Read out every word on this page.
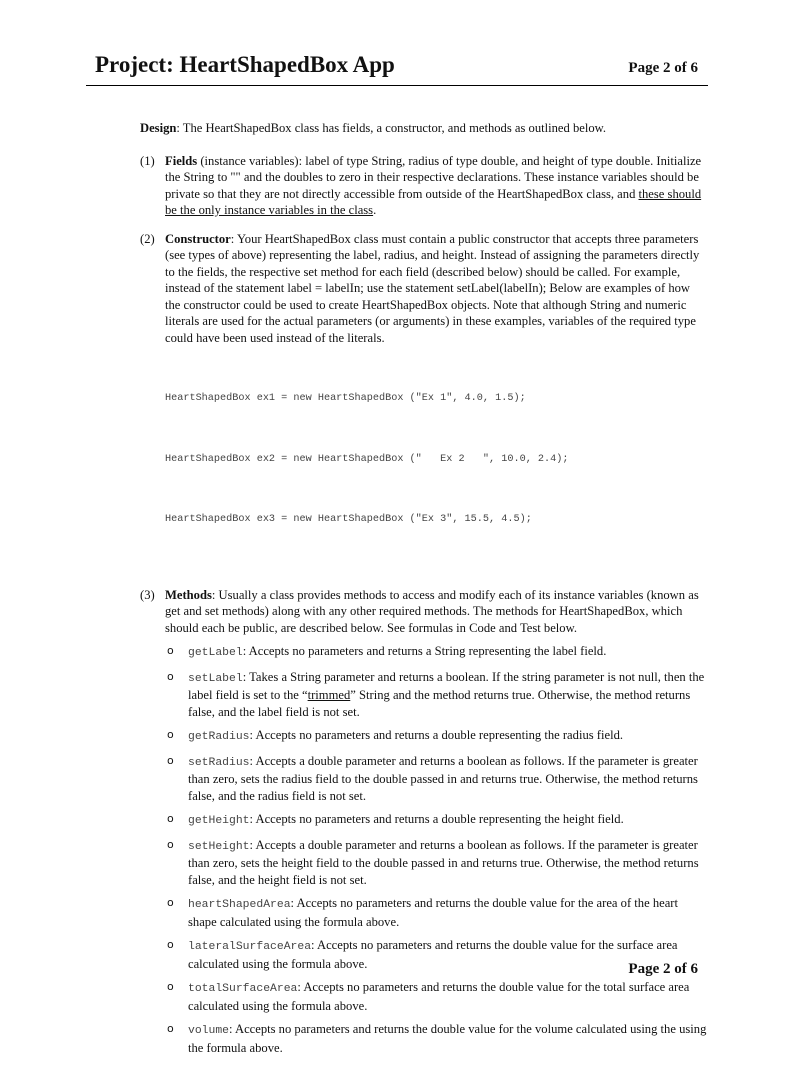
Project: HeartShapedBox App	Page 2 of 6

Design: The HeartShapedBox class has fields, a constructor, and methods as outlined below.

(1) Fields (instance variables): label of type String, radius of type double, and height of type double. Initialize the String to "" and the doubles to zero in their respective declarations. These instance variables should be private so that they are not directly accessible from outside of the HeartShapedBox class, and these should be the only instance variables in the class.

(2) Constructor: Your HeartShapedBox class must contain a public constructor that accepts three parameters (see types of above) representing the label, radius, and height. Instead of assigning the parameters directly to the fields, the respective set method for each field (described below) should be called. For example, instead of the statement label = labelIn; use the statement setLabel(labelIn); Below are examples of how the constructor could be used to create HeartShapedBox objects. Note that although String and numeric literals are used for the actual parameters (or arguments) in these examples, variables of the required type could have been used instead of the literals.

HeartShapedBox ex1 = new HeartShapedBox ("Ex 1", 4.0, 1.5);

HeartShapedBox ex2 = new HeartShapedBox ("   Ex 2   ", 10.0, 2.4);

HeartShapedBox ex3 = new HeartShapedBox ("Ex 3", 15.5, 4.5);

(3) Methods: Usually a class provides methods to access and modify each of its instance variables (known as get and set methods) along with any other required methods. The methods for HeartShapedBox, which should each be public, are described below. See formulas in Code and Test below.

o getLabel: Accepts no parameters and returns a String representing the label field.
o setLabel: Takes a String parameter and returns a boolean. If the string parameter is not null, then the label field is set to the “trimmed” String and the method returns true. Otherwise, the method returns false, and the label field is not set.
o getRadius: Accepts no parameters and returns a double representing the radius field.
o setRadius: Accepts a double parameter and returns a boolean as follows. If the parameter is greater than zero, sets the radius field to the double passed in and returns true. Otherwise, the method returns false, and the radius field is not set.
o getHeight: Accepts no parameters and returns a double representing the height field.
o setHeight: Accepts a double parameter and returns a boolean as follows. If the parameter is greater than zero, sets the height field to the double passed in and returns true. Otherwise, the method returns false, and the height field is not set.
o heartShapedArea: Accepts no parameters and returns the double value for the area of the heart shape calculated using the formula above.
o lateralSurfaceArea: Accepts no parameters and returns the double value for the surface area calculated using the formula above.
o totalSurfaceArea: Accepts no parameters and returns the double value for the total surface area calculated using the formula above.
o volume: Accepts no parameters and returns the double value for the volume calculated using the using the formula above.
Page 2 of 6
